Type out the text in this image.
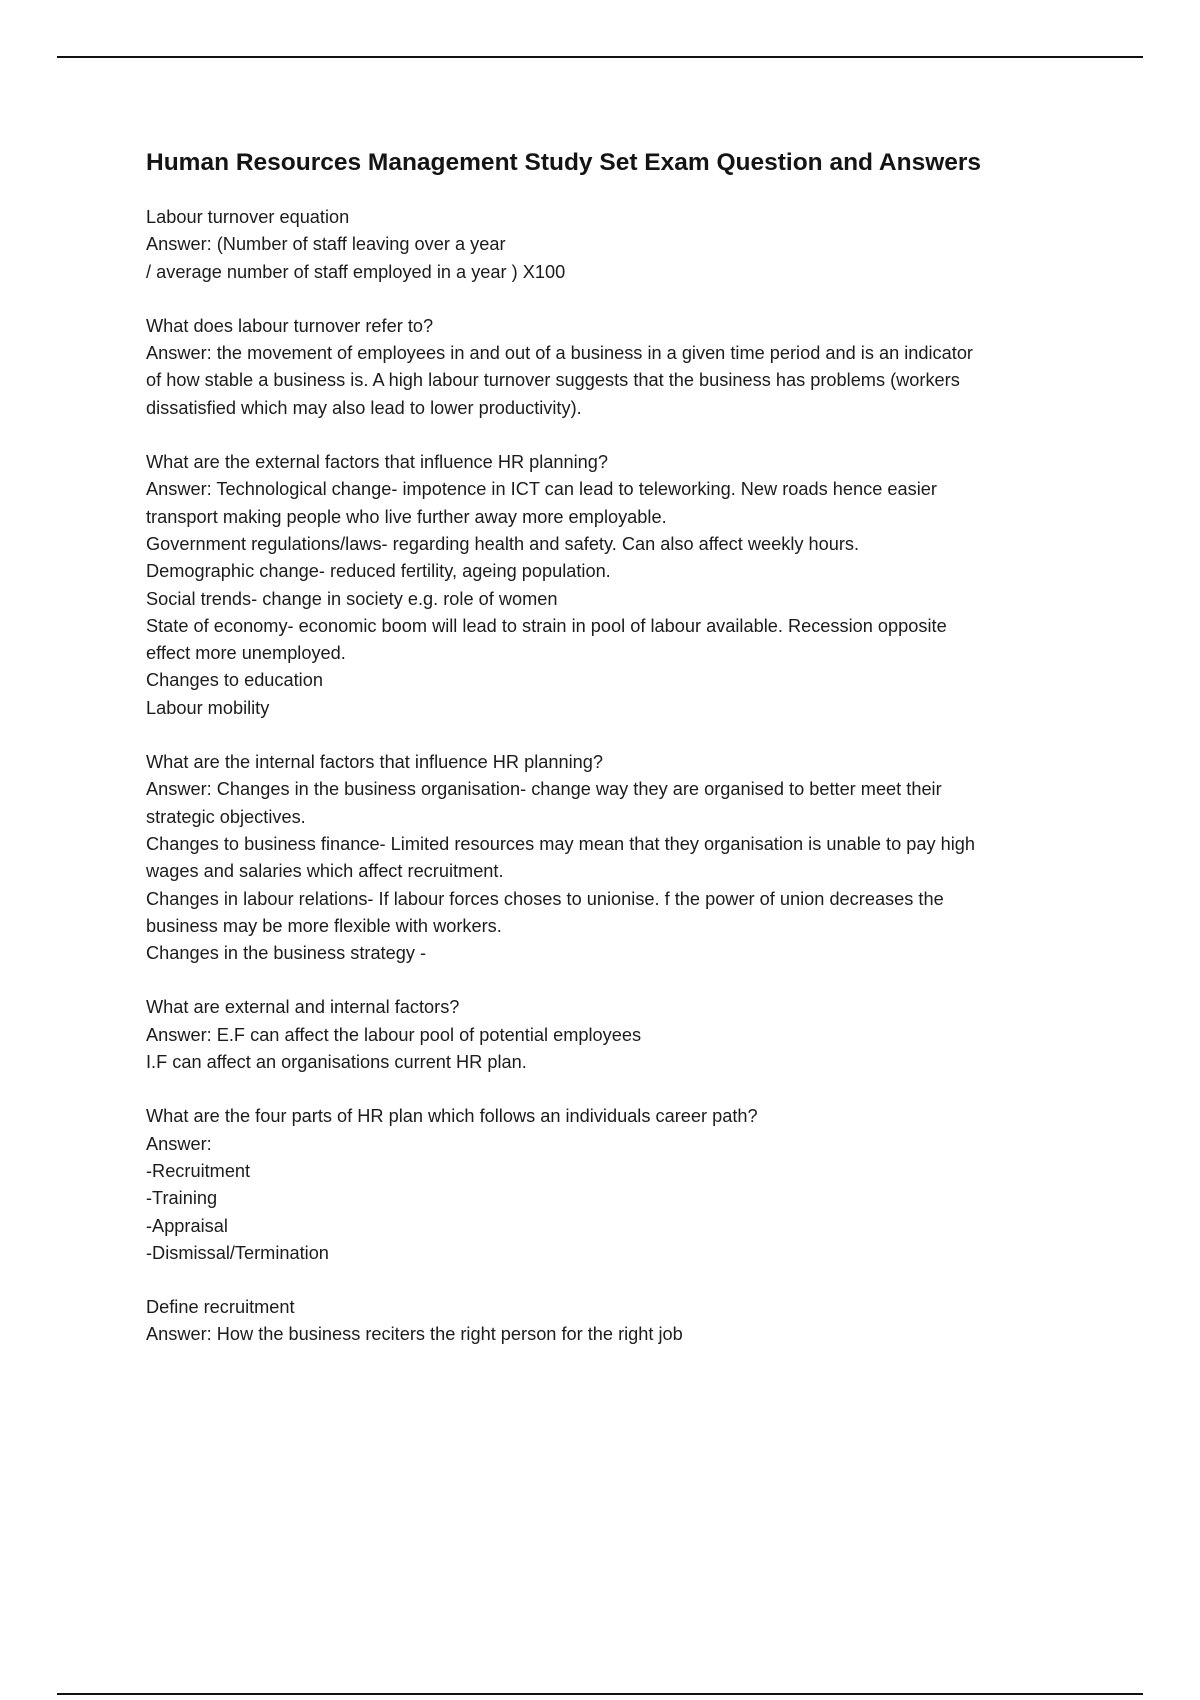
Human Resources Management Study Set Exam Question and Answers

Labour turnover equation

Answer: (Number of staff leaving over a year

/ average number of staff employed in a year ) X100

What does labour turnover refer to?

Answer: the movement of employees in and out of a business in a given time period and is an indicator

of how stable a business is. A high labour turnover suggests that the business has problems (workers

dissatisfied which may also lead to lower productivity).

What are the external factors that influence HR planning?

Answer: Technological change- impotence in ICT can lead to teleworking. New roads hence easier

transport making people who live further away more employable.

Government regulations/laws- regarding health and safety. Can also affect weekly hours.

Demographic change- reduced fertility, ageing population.

Social trends- change in society e.g. role of women

State of economy- economic boom will lead to strain in pool of labour available. Recession opposite

effect more unemployed.

Changes to education

Labour mobility

What are the internal factors that influence HR planning?

Answer: Changes in the business organisation- change way they are organised to better meet their

strategic objectives.

Changes to business finance- Limited resources may mean that they organisation is unable to pay high

wages and salaries which affect recruitment.

Changes in labour relations- If labour forces choses to unionise. f the power of union decreases the

business may be more flexible with workers.

Changes in the business strategy -

What are external and internal factors?

Answer: E.F can affect the labour pool of potential employees

I.F can affect an organisations current HR plan.

What are the four parts of HR plan which follows an individuals career path?

Answer:

-Recruitment

-Training

-Appraisal

-Dismissal/Termination

Define recruitment

Answer: How the business reciters the right person for the right job
